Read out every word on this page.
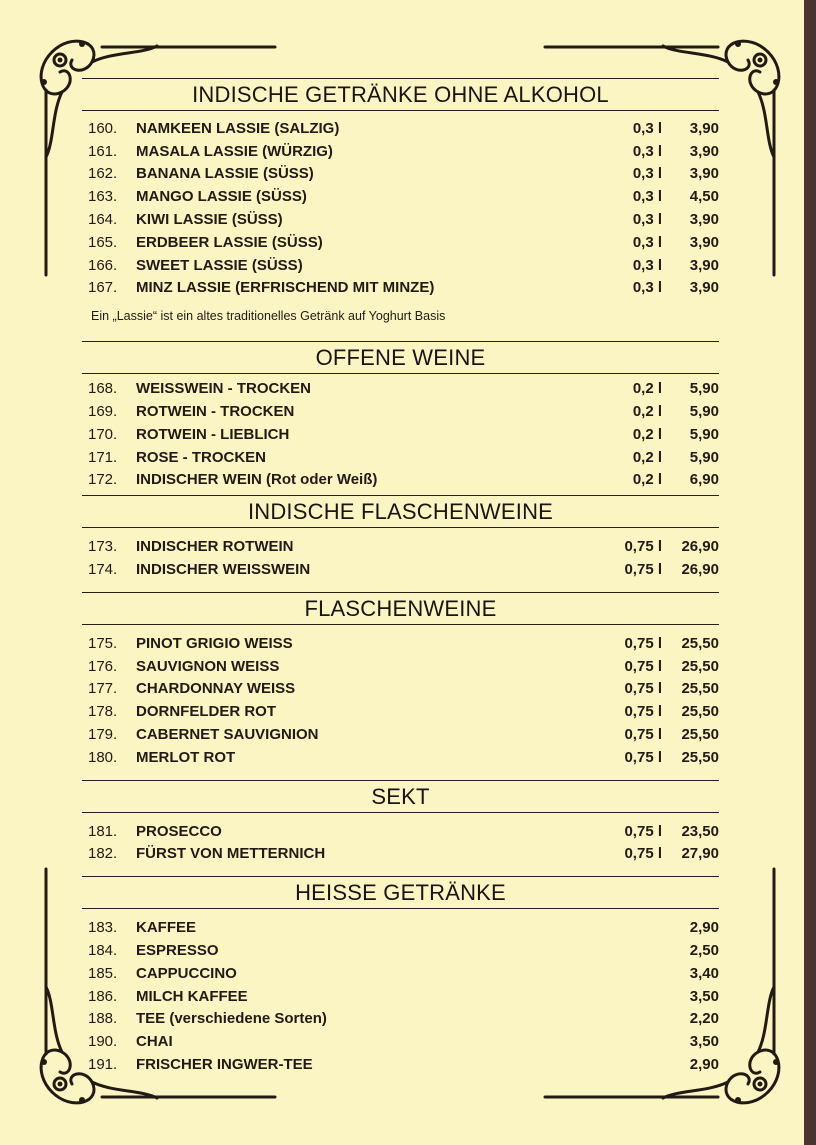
INDISCHE GETRÄNKE OHNE ALKOHOL
160.	NAMKEEN LASSIE (SALZIG)	0,3 l	3,90
161.	MASALA LASSIE (WÜRZIG)	0,3 l	3,90
162.	BANANA LASSIE (SÜSS)	0,3 l	3,90
163.	MANGO LASSIE (SÜSS)	0,3 l	4,50
164.	KIWI LASSIE (SÜSS)	0,3 l	3,90
165.	ERDBEER LASSIE (SÜSS)	0,3 l	3,90
166.	SWEET LASSIE (SÜSS)	0,3 l	3,90
167.	MINZ LASSIE (ERFRISCHEND MIT MINZE)	0,3 l	3,90
Ein „Lassie“ ist ein altes traditionelles Getränk auf Yoghurt Basis
OFFENE WEINE
168.	WEISSWEIN - TROCKEN	0,2 l	5,90
169.	ROTWEIN - TROCKEN	0,2 l	5,90
170.	ROTWEIN - LIEBLICH	0,2 l	5,90
171.	ROSE - TROCKEN	0,2 l	5,90
172.	INDISCHER WEIN (Rot oder Weiß)	0,2 l	6,90
INDISCHE FLASCHENWEINE
173.	INDISCHER ROTWEIN	0,75 l	26,90
174.	INDISCHER WEISSWEIN	0,75 l	26,90
FLASCHENWEINE
175.	PINOT GRIGIO WEISS	0,75 l	25,50
176.	SAUVIGNON WEISS	0,75 l	25,50
177.	CHARDONNAY WEISS	0,75 l	25,50
178.	DORNFELDER ROT	0,75 l	25,50
179.	CABERNET SAUVIGNION	0,75 l	25,50
180.	MERLOT ROT	0,75 l	25,50
SEKT
181.	PROSECCO	0,75 l	23,50
182.	FÜRST VON METTERNICH	0,75 l	27,90
HEISSE GETRÄNKE
183.	KAFFEE	2,90
184.	ESPRESSO	2,50
185.	CAPPUCCINO	3,40
186.	MILCH KAFFEE	3,50
188.	TEE (verschiedene Sorten)	2,20
190.	CHAI	3,50
191.	FRISCHER INGWER-TEE	2,90
